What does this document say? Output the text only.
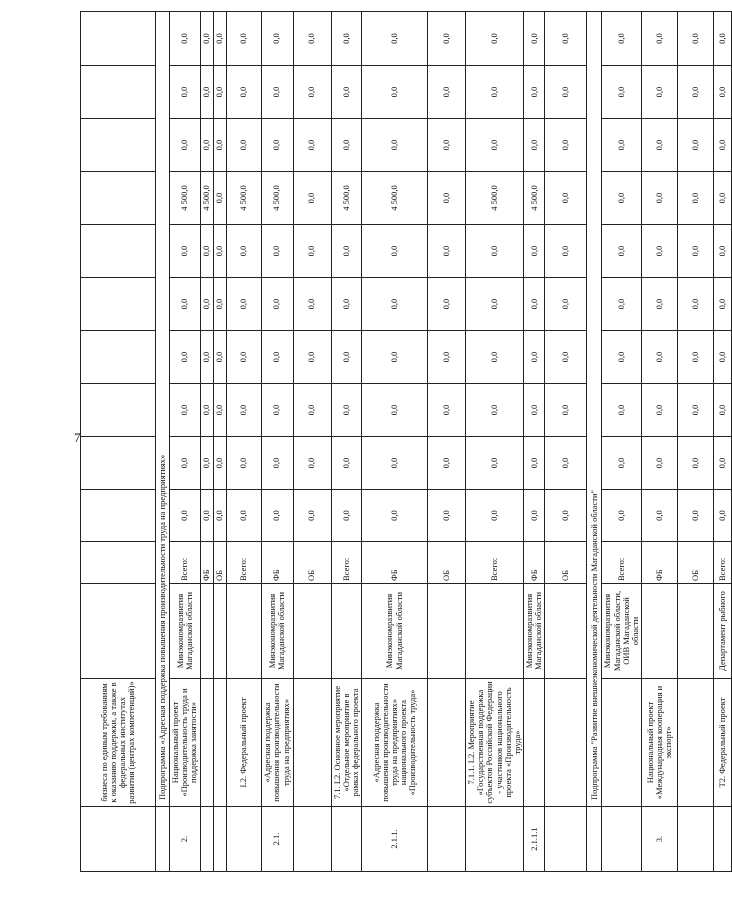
7
	бизнеса по единым требованиям к оказанию поддержки, а также в федеральных институтах развития (центрах компетенций)»												
	Подпрограмма «Адресная поддержка повышения производительности труда на предприятиях»												
2.	Национальный проект «Производительность труда и поддержка занятости»	Минэкономразвития Магаданской области	Всего:	0,0	0,0	0,0	0,0	0,0	0,0	4 500,0	0,0	0,0	0,0
			ФБ	0,0	0,0	0,0	0,0	0,0	0,0	4 500,0	0,0	0,0	0,0
			ОБ	0,0	0,0	0,0	0,0	0,0	0,0	0,0	0,0	0,0	0,0
	L2. Федеральный проект		Всего:	0,0	0,0	0,0	0,0	0,0	0,0	4 500,0	0,0	0,0	0,0
2.1.	«Адресная поддержка повышения производительности труда на предприятиях»	Минэкономразвития Магаданской области	ФБ	0,0	0,0	0,0	0,0	0,0	0,0	4 500,0	0,0	0,0	0,0
			ОБ	0,0	0,0	0,0	0,0	0,0	0,0	0,0	0,0	0,0	0,0
	7.1. L2. Основное мероприятие «Отдельное мероприятие в рамках федерального проекта		Всего:	0,0	0,0	0,0	0,0	0,0	0,0	4 500,0	0,0	0,0	0,0
2.1.1.	«Адресная поддержка повышения производительности труда на предприятиях» национального проекта «Производительность труда»	Минэкономразвития Магаданской области	ФБ	0,0	0,0	0,0	0,0	0,0	0,0	4 500,0	0,0	0,0	0,0
			ОБ	0,0	0,0	0,0	0,0	0,0	0,0	0,0	0,0	0,0	0,0
	7.1.1. L2. Мероприятие «Государственная поддержка субъектов Российской Федерации - участников национального проекта «Производительность труда»		Всего:	0,0	0,0	0,0	0,0	0,0	0,0	4 500,0	0,0	0,0	0,0
2.1.1.1		Минэкономразвития Магаданской области	ФБ	0,0	0,0	0,0	0,0	0,0	0,0	4 500,0	0,0	0,0	0,0
			ОБ	0,0	0,0	0,0	0,0	0,0	0,0	0,0	0,0	0,0	0,0
	Подпрограмма "Развитие внешнеэкономической деятельности Магаданской области"												
		Минэкономразвития Магаданской области, ОИВ Магаданской области	Всего:	0,0	0,0	0,0	0,0	0,0	0,0	0,0	0,0	0,0	0,0
3.	Национальный проект «Международная кооперация и экспорт»		ФБ	0,0	0,0	0,0	0,0	0,0	0,0	0,0	0,0	0,0	0,0
			ОБ	0,0	0,0	0,0	0,0	0,0	0,0	0,0	0,0	0,0	0,0
	T2. Федеральный проект	Департамент рыбного	Всего:	0,0	0,0	0,0	0,0	0,0	0,0	0,0	0,0	0,0	0,0
